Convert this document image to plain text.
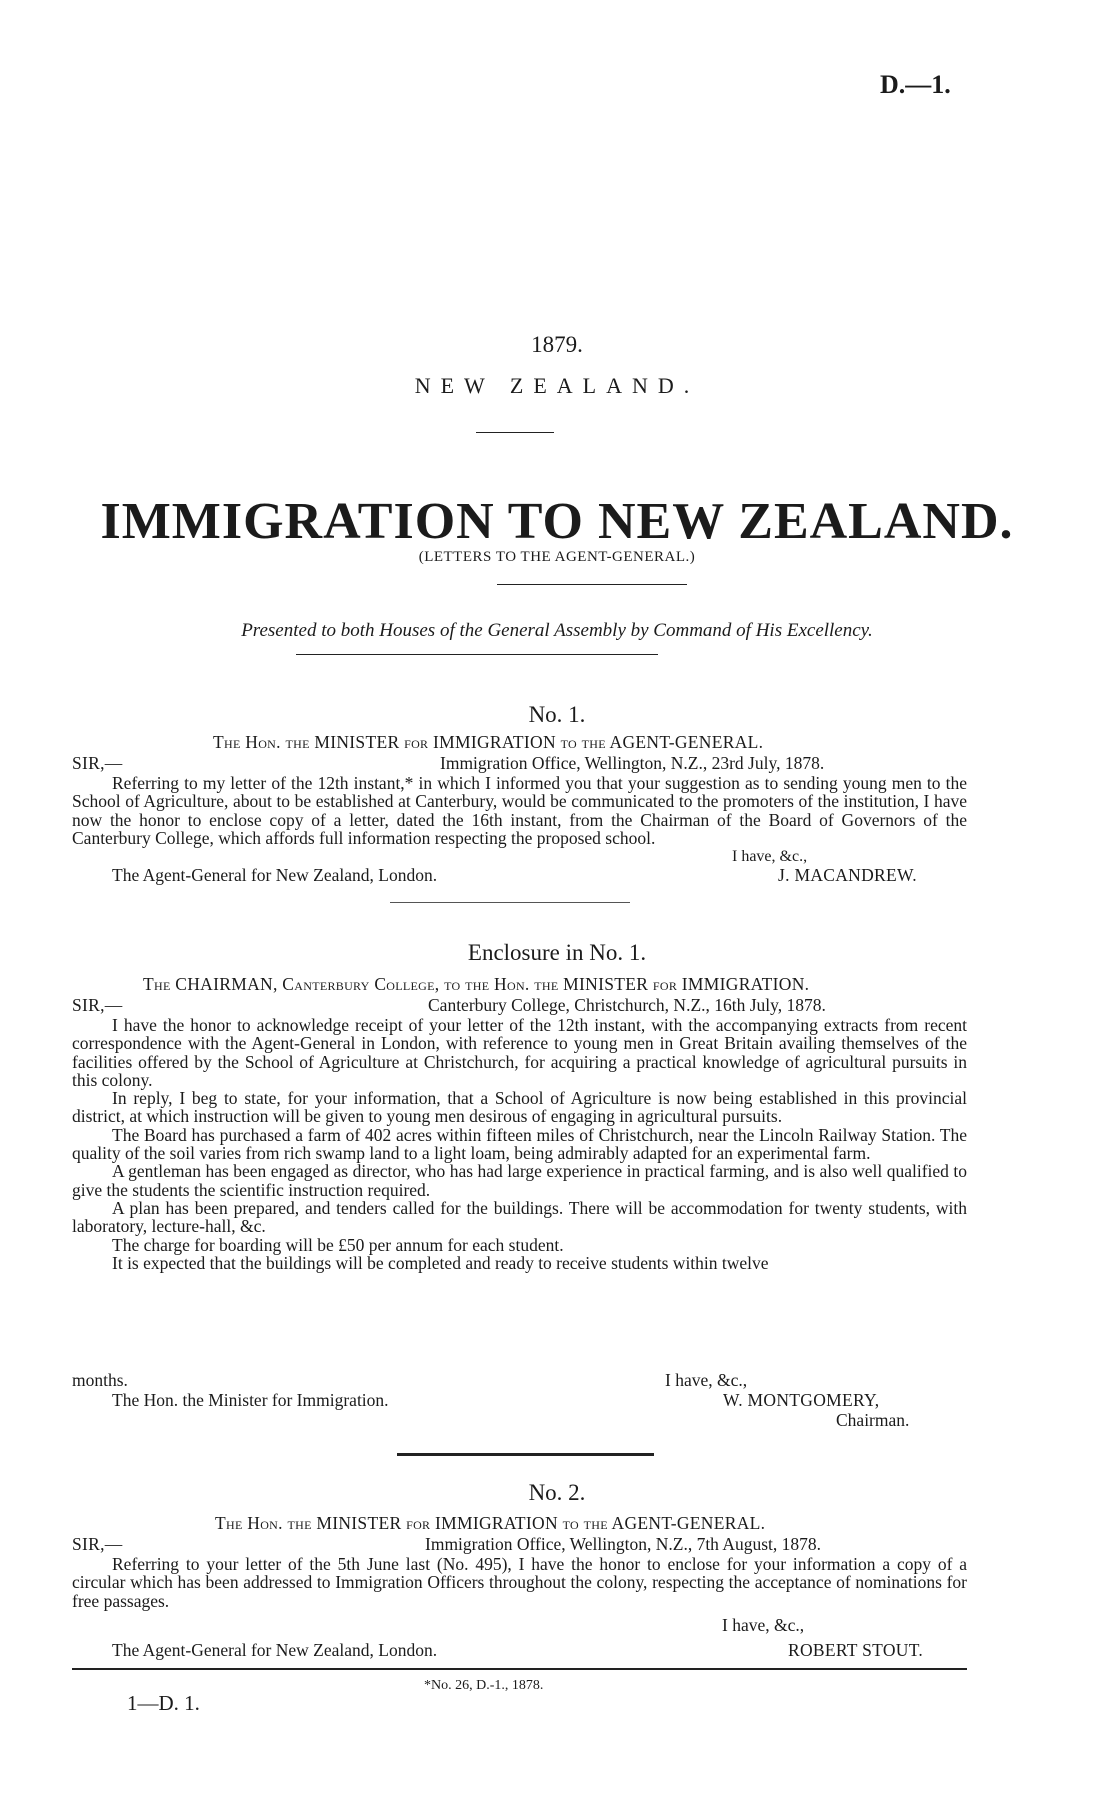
D.—1.
1879.
NEW ZEALAND.
IMMIGRATION TO NEW ZEALAND.
(LETTERS TO THE AGENT-GENERAL.)
Presented to both Houses of the General Assembly by Command of His Excellency.
No. 1.
The Hon. the MINISTER for IMMIGRATION to the AGENT-GENERAL.
SIR,—	Immigration Office, Wellington, N.Z., 23rd July, 1878.
Referring to my letter of the 12th instant,* in which I informed you that your suggestion as to sending young men to the School of Agriculture, about to be established at Canterbury, would be communicated to the promoters of the institution, I have now the honor to enclose copy of a letter, dated the 16th instant, from the Chairman of the Board of Governors of the Canterbury College, which affords full information respecting the proposed school.
I have, &c.,
The Agent-General for New Zealand, London.	J. MACANDREW.
Enclosure in No. 1.
The CHAIRMAN, Canterbury College, to the Hon. the MINISTER for IMMIGRATION.
SIR,—	Canterbury College, Christchurch, N.Z., 16th July, 1878.
I have the honor to acknowledge receipt of your letter of the 12th instant, with the accompanying extracts from recent correspondence with the Agent-General in London, with reference to young men in Great Britain availing themselves of the facilities offered by the School of Agriculture at Christchurch, for acquiring a practical knowledge of agricultural pursuits in this colony.
In reply, I beg to state, for your information, that a School of Agriculture is now being established in this provincial district, at which instruction will be given to young men desirous of engaging in agricultural pursuits.
The Board has purchased a farm of 402 acres within fifteen miles of Christchurch, near the Lincoln Railway Station. The quality of the soil varies from rich swamp land to a light loam, being admirably adapted for an experimental farm.
A gentleman has been engaged as director, who has had large experience in practical farming, and is also well qualified to give the students the scientific instruction required.
A plan has been prepared, and tenders called for the buildings. There will be accommodation for twenty students, with laboratory, lecture-hall, &c.
The charge for boarding will be £50 per annum for each student.
It is expected that the buildings will be completed and ready to receive students within twelve
months.	I have, &c.,
The Hon. the Minister for Immigration.	W. MONTGOMERY,
Chairman.
No. 2.
The Hon. the MINISTER for IMMIGRATION to the AGENT-GENERAL.
SIR,—	Immigration Office, Wellington, N.Z., 7th August, 1878.
Referring to your letter of the 5th June last (No. 495), I have the honor to enclose for your information a copy of a circular which has been addressed to Immigration Officers throughout the colony, respecting the acceptance of nominations for free passages.
I have, &c.,
The Agent-General for New Zealand, London.	ROBERT STOUT.
*No. 26, D.-1., 1878.
1—D. 1.
